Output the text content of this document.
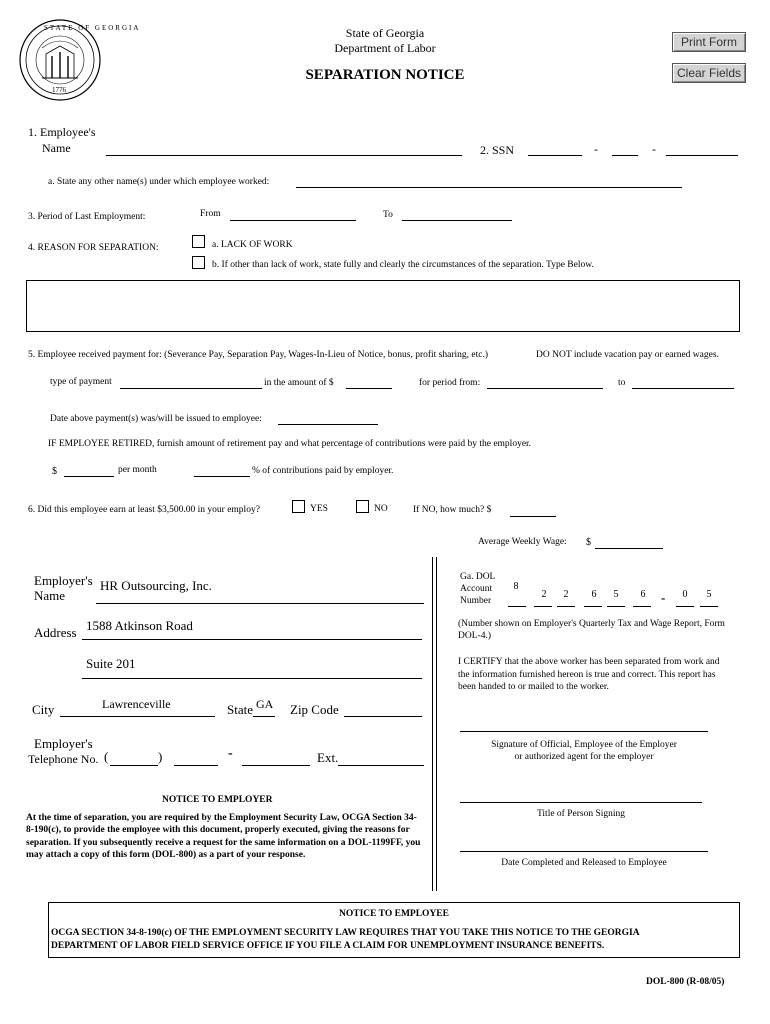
STATE OF GEORGIA
1776
State of Georgia
Department of Labor
SEPARATION NOTICE
Print Form
Clear Fields
1. Employee's
Name	2. SSN	-	-
a. State any other name(s) under which employee worked:
3. Period of Last Employment:	From	To
4. REASON FOR SEPARATION:	a. LACK OF WORK
b. If other than lack of work, state fully and clearly the circumstances of the separation. Type Below.
5. Employee received payment for: (Severance Pay, Separation Pay, Wages-In-Lieu of Notice, bonus, profit sharing, etc.)	DO NOT include vacation pay or earned wages.
type of payment	in the amount of $	for period from:	to
Date above payment(s) was/will be issued to employee:
IF EMPLOYEE RETIRED, furnish amount of retirement pay and what percentage of contributions were paid by the employer.
$	per month	% of contributions paid by employer.
6. Did this employee earn at least $3,500.00 in your employ?	YES	NO	If NO, how much? $
Average Weekly Wage: $
Employer's
Name
HR Outsourcing, Inc.
Address 1588 Atkinson Road
Suite 201
City	Lawrenceville	State GA Zip Code
Employer's
Telephone No. (	)	-	Ext.
NOTICE TO EMPLOYER
At the time of separation, you are required by the Employment Security Law, OCGA Section 34-8-190(c), to provide the employee with this document, properly executed, giving the reasons for separation. If you subsequently receive a request for the same information on a DOL-1199FF, you may attach a copy of this form (DOL-800) as a part of your response.
Ga. DOL
Account
Number
8
2	2	6	5	6 -	0	5
(Number shown on Employer's Quarterly Tax and Wage Report, Form DOL-4.)
I CERTIFY that the above worker has been separated from work and the information furnished hereon is true and correct. This report has been handed to or mailed to the worker.
Signature of Official, Employee of the Employer
or authorized agent for the employer
Title of Person Signing
Date Completed and Released to Employee
NOTICE TO EMPLOYEE
OCGA SECTION 34-8-190(c) OF THE EMPLOYMENT SECURITY LAW REQUIRES THAT YOU TAKE THIS NOTICE TO THE GEORGIA
DEPARTMENT OF LABOR FIELD SERVICE OFFICE IF YOU FILE A CLAIM FOR UNEMPLOYMENT INSURANCE BENEFITS.
DOL-800 (R-08/05)
